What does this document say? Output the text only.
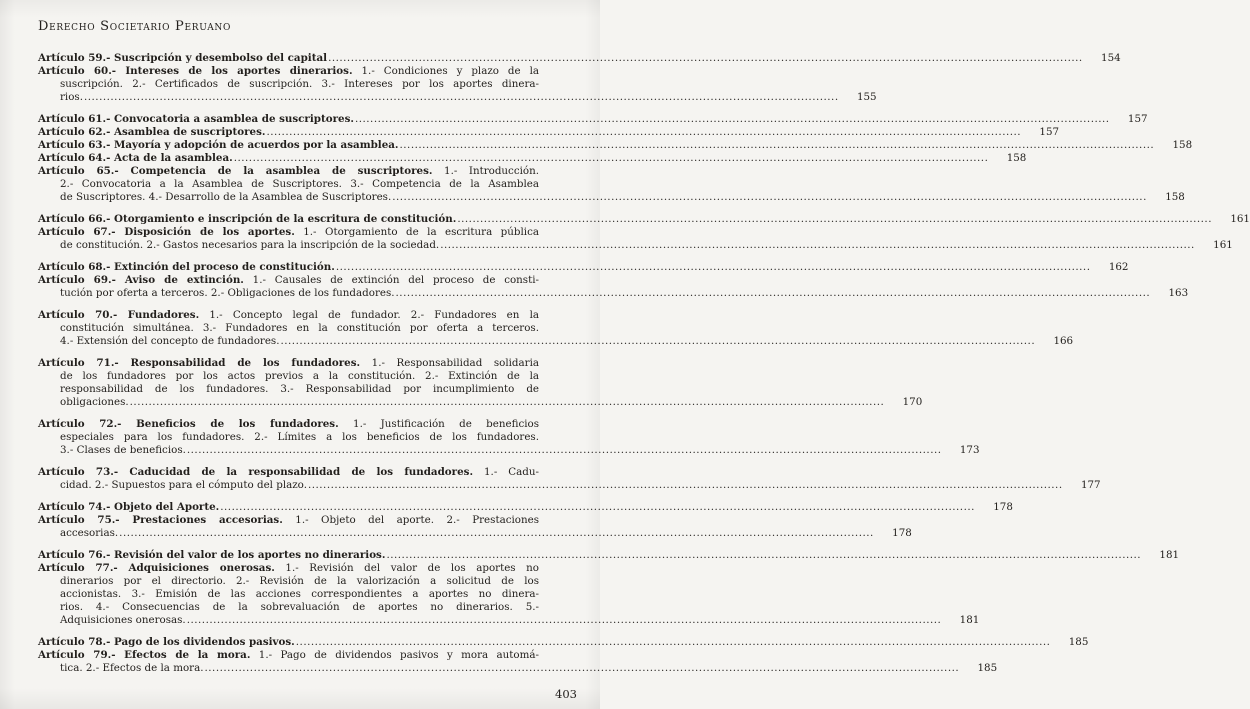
Derecho Societario Peruano
Artículo 59.- Suscripción y desembolso del capital .....	154
Artículo 60.- Intereses de los aportes dinerarios. 1.- Condiciones y plazo de la
suscripción. 2.- Certificados de suscripción. 3.- Intereses por los aportes dinera-
rios. .....	155
Artículo 61.- Convocatoria a asamblea de suscriptores. .....	157
Artículo 62.- Asamblea de suscriptores. .....	157
Artículo 63.- Mayoría y adopción de acuerdos por la asamblea. .....	158
Artículo 64.- Acta de la asamblea. .....	158
Artículo 65.- Competencia de la asamblea de suscriptores. 1.- Introducción.
2.- Convocatoria a la Asamblea de Suscriptores. 3.- Competencia de la Asamblea
de Suscriptores. 4.- Desarrollo de la Asamblea de Suscriptores. .....	158
Artículo 66.- Otorgamiento e inscripción de la escritura de constitución. .....	161
Artículo 67.- Disposición de los aportes. 1.- Otorgamiento de la escritura pública
de constitución. 2.- Gastos necesarios para la inscripción de la sociedad. .....	161
Artículo 68.- Extinción del proceso de constitución. .....	162
Artículo 69.- Aviso de extinción. 1.- Causales de extinción del proceso de consti-
tución por oferta a terceros. 2.- Obligaciones de los fundadores. .....	163
Artículo 70.- Fundadores. 1.- Concepto legal de fundador. 2.- Fundadores en la
constitución simultánea. 3.- Fundadores en la constitución por oferta a terceros.
4.- Extensión del concepto de fundadores. .....	166
Artículo 71.- Responsabilidad de los fundadores. 1.- Responsabilidad solidaria
de los fundadores por los actos previos a la constitución. 2.- Extinción de la
responsabilidad de los fundadores. 3.- Responsabilidad por incumplimiento de
obligaciones. .....	170
Artículo 72.- Beneficios de los fundadores. 1.- Justificación de beneficios
especiales para los fundadores. 2.- Límites a los beneficios de los fundadores.
3.- Clases de beneficios. .....	173
Artículo 73.- Caducidad de la responsabilidad de los fundadores. 1.- Cadu-
cidad. 2.- Supuestos para el cómputo del plazo. .....	177
Artículo 74.- Objeto del Aporte. .....	178
Artículo 75.- Prestaciones accesorias. 1.- Objeto del aporte. 2.- Prestaciones
accesorias. .....	178
Artículo 76.- Revisión del valor de los aportes no dinerarios. .....	181
Artículo 77.- Adquisiciones onerosas. 1.- Revisión del valor de los aportes no
dinerarios por el directorio. 2.- Revisión de la valorización a solicitud de los
accionistas. 3.- Emisión de las acciones correspondientes a aportes no dinera-
rios. 4.- Consecuencias de la sobrevaluación de aportes no dinerarios. 5.-
Adquisiciones onerosas. .....	181
Artículo 78.- Pago de los dividendos pasivos. .....	185
Artículo 79.- Efectos de la mora. 1.- Pago de dividendos pasivos y mora automá-
tica. 2.- Efectos de la mora. .....	185
403
